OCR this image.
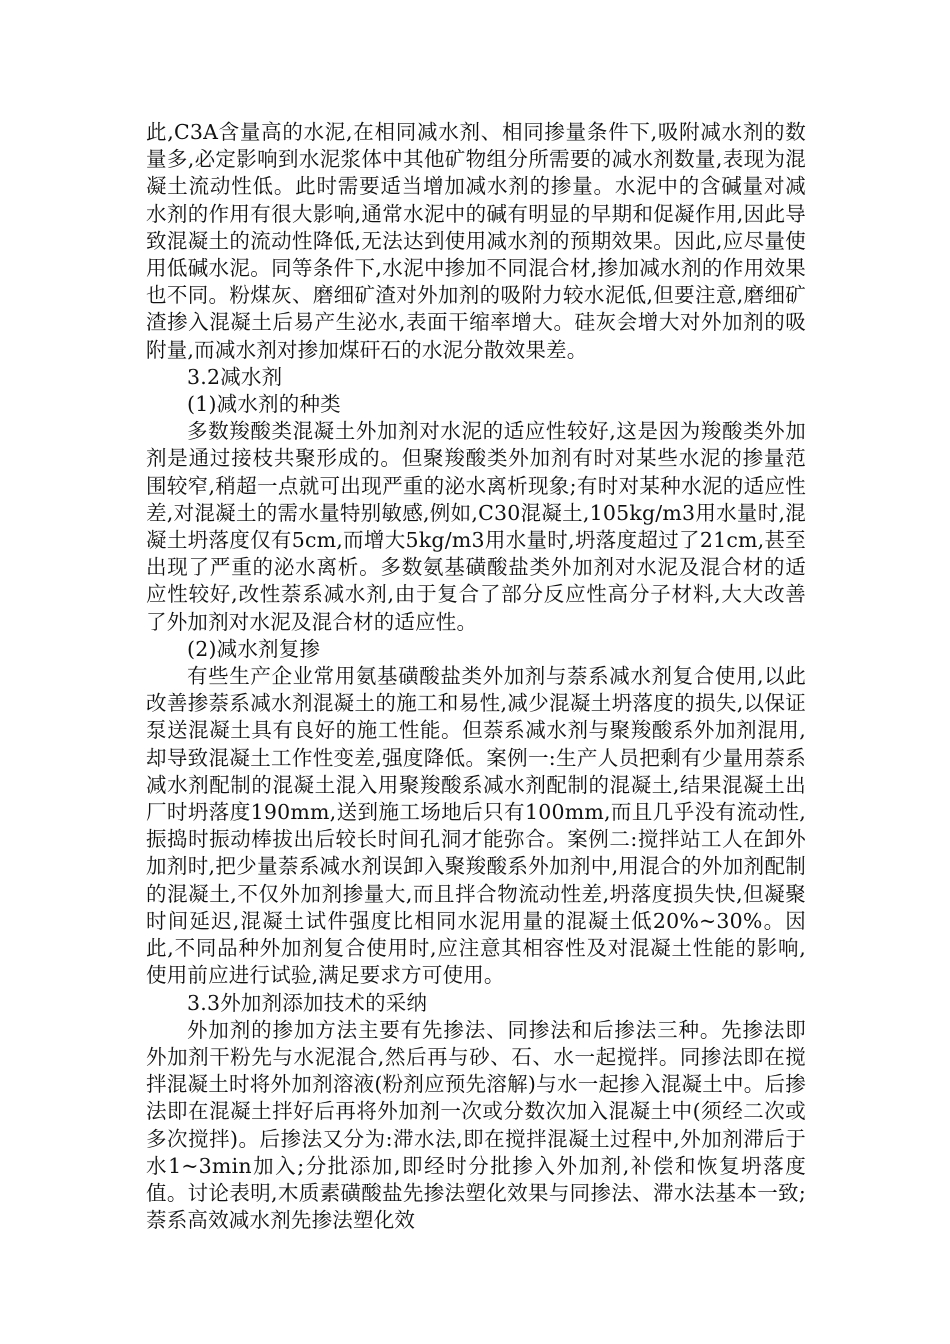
此,C3A含量高的水泥,在相同减水剂、相同掺量条件下,吸附减水剂的数量多,必定影响到水泥浆体中其他矿物组分所需要的减水剂数量,表现为混凝土流动性低。此时需要适当增加减水剂的掺量。水泥中的含碱量对减水剂的作用有很大影响,通常水泥中的碱有明显的早期和促凝作用,因此导致混凝土的流动性降低,无法达到使用减水剂的预期效果。因此,应尽量使用低碱水泥。同等条件下,水泥中掺加不同混合材,掺加减水剂的作用效果也不同。粉煤灰、磨细矿渣对外加剂的吸附力较水泥低,但要注意,磨细矿渣掺入混凝土后易产生泌水,表面干缩率增大。硅灰会增大对外加剂的吸附量,而减水剂对掺加煤矸石的水泥分散效果差。

3.2减水剂

(1)减水剂的种类

多数羧酸类混凝土外加剂对水泥的适应性较好,这是因为羧酸类外加剂是通过接枝共聚形成的。但聚羧酸类外加剂有时对某些水泥的掺量范围较窄,稍超一点就可出现严重的泌水离析现象;有时对某种水泥的适应性差,对混凝土的需水量特别敏感,例如,C30混凝土,105kg/m3用水量时,混凝土坍落度仅有5cm,而增大5kg/m3用水量时,坍落度超过了21cm,甚至出现了严重的泌水离析。多数氨基磺酸盐类外加剂对水泥及混合材的适应性较好,改性萘系减水剂,由于复合了部分反应性高分子材料,大大改善了外加剂对水泥及混合材的适应性。

(2)减水剂复掺

有些生产企业常用氨基磺酸盐类外加剂与萘系减水剂复合使用,以此改善掺萘系减水剂混凝土的施工和易性,减少混凝土坍落度的损失,以保证泵送混凝土具有良好的施工性能。但萘系减水剂与聚羧酸系外加剂混用,却导致混凝土工作性变差,强度降低。案例一:生产人员把剩有少量用萘系减水剂配制的混凝土混入用聚羧酸系减水剂配制的混凝土,结果混凝土出厂时坍落度190mm,送到施工场地后只有100mm,而且几乎没有流动性,振捣时振动棒拔出后较长时间孔洞才能弥合。案例二:搅拌站工人在卸外加剂时,把少量萘系减水剂误卸入聚羧酸系外加剂中,用混合的外加剂配制的混凝土,不仅外加剂掺量大,而且拌合物流动性差,坍落度损失快,但凝聚时间延迟,混凝土试件强度比相同水泥用量的混凝土低20%~30%。因此,不同品种外加剂复合使用时,应注意其相容性及对混凝土性能的影响,使用前应进行试验,满足要求方可使用。

3.3外加剂添加技术的采纳

外加剂的掺加方法主要有先掺法、同掺法和后掺法三种。先掺法即外加剂干粉先与水泥混合,然后再与砂、石、水一起搅拌。同掺法即在搅拌混凝土时将外加剂溶液(粉剂应预先溶解)与水一起掺入混凝土中。后掺法即在混凝土拌好后再将外加剂一次或分数次加入混凝土中(须经二次或多次搅拌)。后掺法又分为:滞水法,即在搅拌混凝土过程中,外加剂滞后于水1~3min加入;分批添加,即经时分批掺入外加剂,补偿和恢复坍落度值。讨论表明,木质素磺酸盐先掺法塑化效果与同掺法、滞水法基本一致;萘系高效减水剂先掺法塑化效
